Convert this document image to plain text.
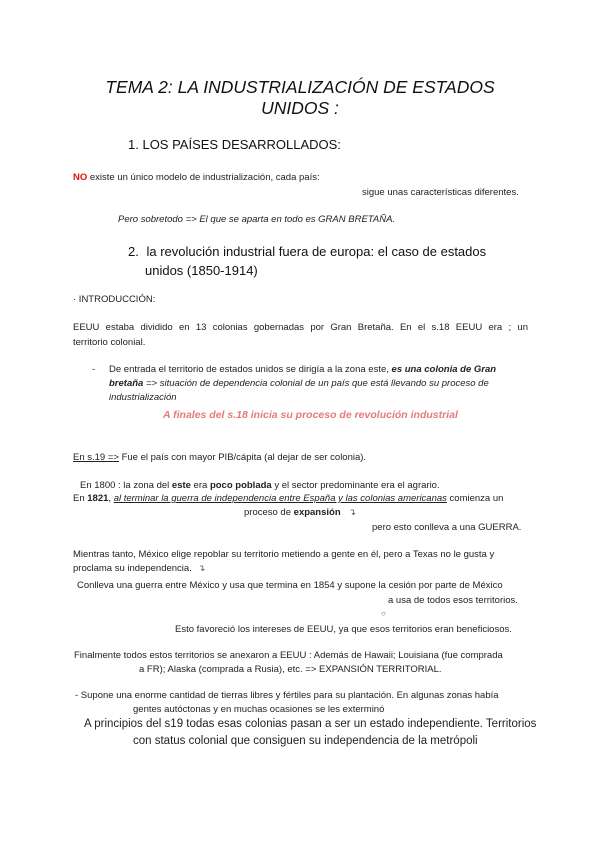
TEMA 2: LA INDUSTRIALIZACIÓN DE ESTADOS
UNIDOS :
1. LOS PAÍSES DESARROLLADOS:
NO existe un único modelo de industrialización, cada país:
sigue unas características diferentes.
Pero sobretodo => El que se aparta en todo es GRAN BRETAÑA.
2. la revolución industrial fuera de europa: el caso de estados
unidos (1850-1914)
· INTRODUCCIÓN:
EEUU estaba dividido en 13 colonias gobernadas por Gran Bretaña. En el s.18 EEUU era ; un
territorio colonial.
- De entrada el territorio de estados unidos se dirigía a la zona este, es una colonia de Gran
bretaña => situación de dependencia colonial de un país que está llevando su proceso de
industrialización
A finales del s.18 inicia su proceso de revolución industrial
En s.19 => Fue el país con mayor PIB/cápita (al dejar de ser colonia).
En 1800 : la zona del este era poco poblada y el sector predominante era el agrario.
En 1821, al terminar la guerra de independencia entre España y las colonias americanas comienza un
proceso de expansión ↴
pero esto conlleva a una GUERRA.
Mientras tanto, México elige repoblar su territorio metiendo a gente en él, pero a Texas no le gusta y
proclama su independencia. ↴
Conlleva una guerra entre México y usa que termina en 1854 y supone la cesión por parte de México
a usa de todos esos territorios.
○
Esto favoreció los intereses de EEUU, ya que esos territorios eran beneficiosos.
Finalmente todos estos territorios se anexaron a EEUU : Además de Hawaii; Louisiana (fue comprada
a FR); Alaska (comprada a Rusia), etc. => EXPANSIÓN TERRITORIAL.
- Supone una enorme cantidad de tierras libres y fértiles para su plantación. En algunas zonas había
gentes autóctonas y en muchas ocasiones se les exterminó
A principios del s19 todas esas colonias pasan a ser un estado independiente. Territorios
con status colonial que consiguen su independencia de la metrópoli
